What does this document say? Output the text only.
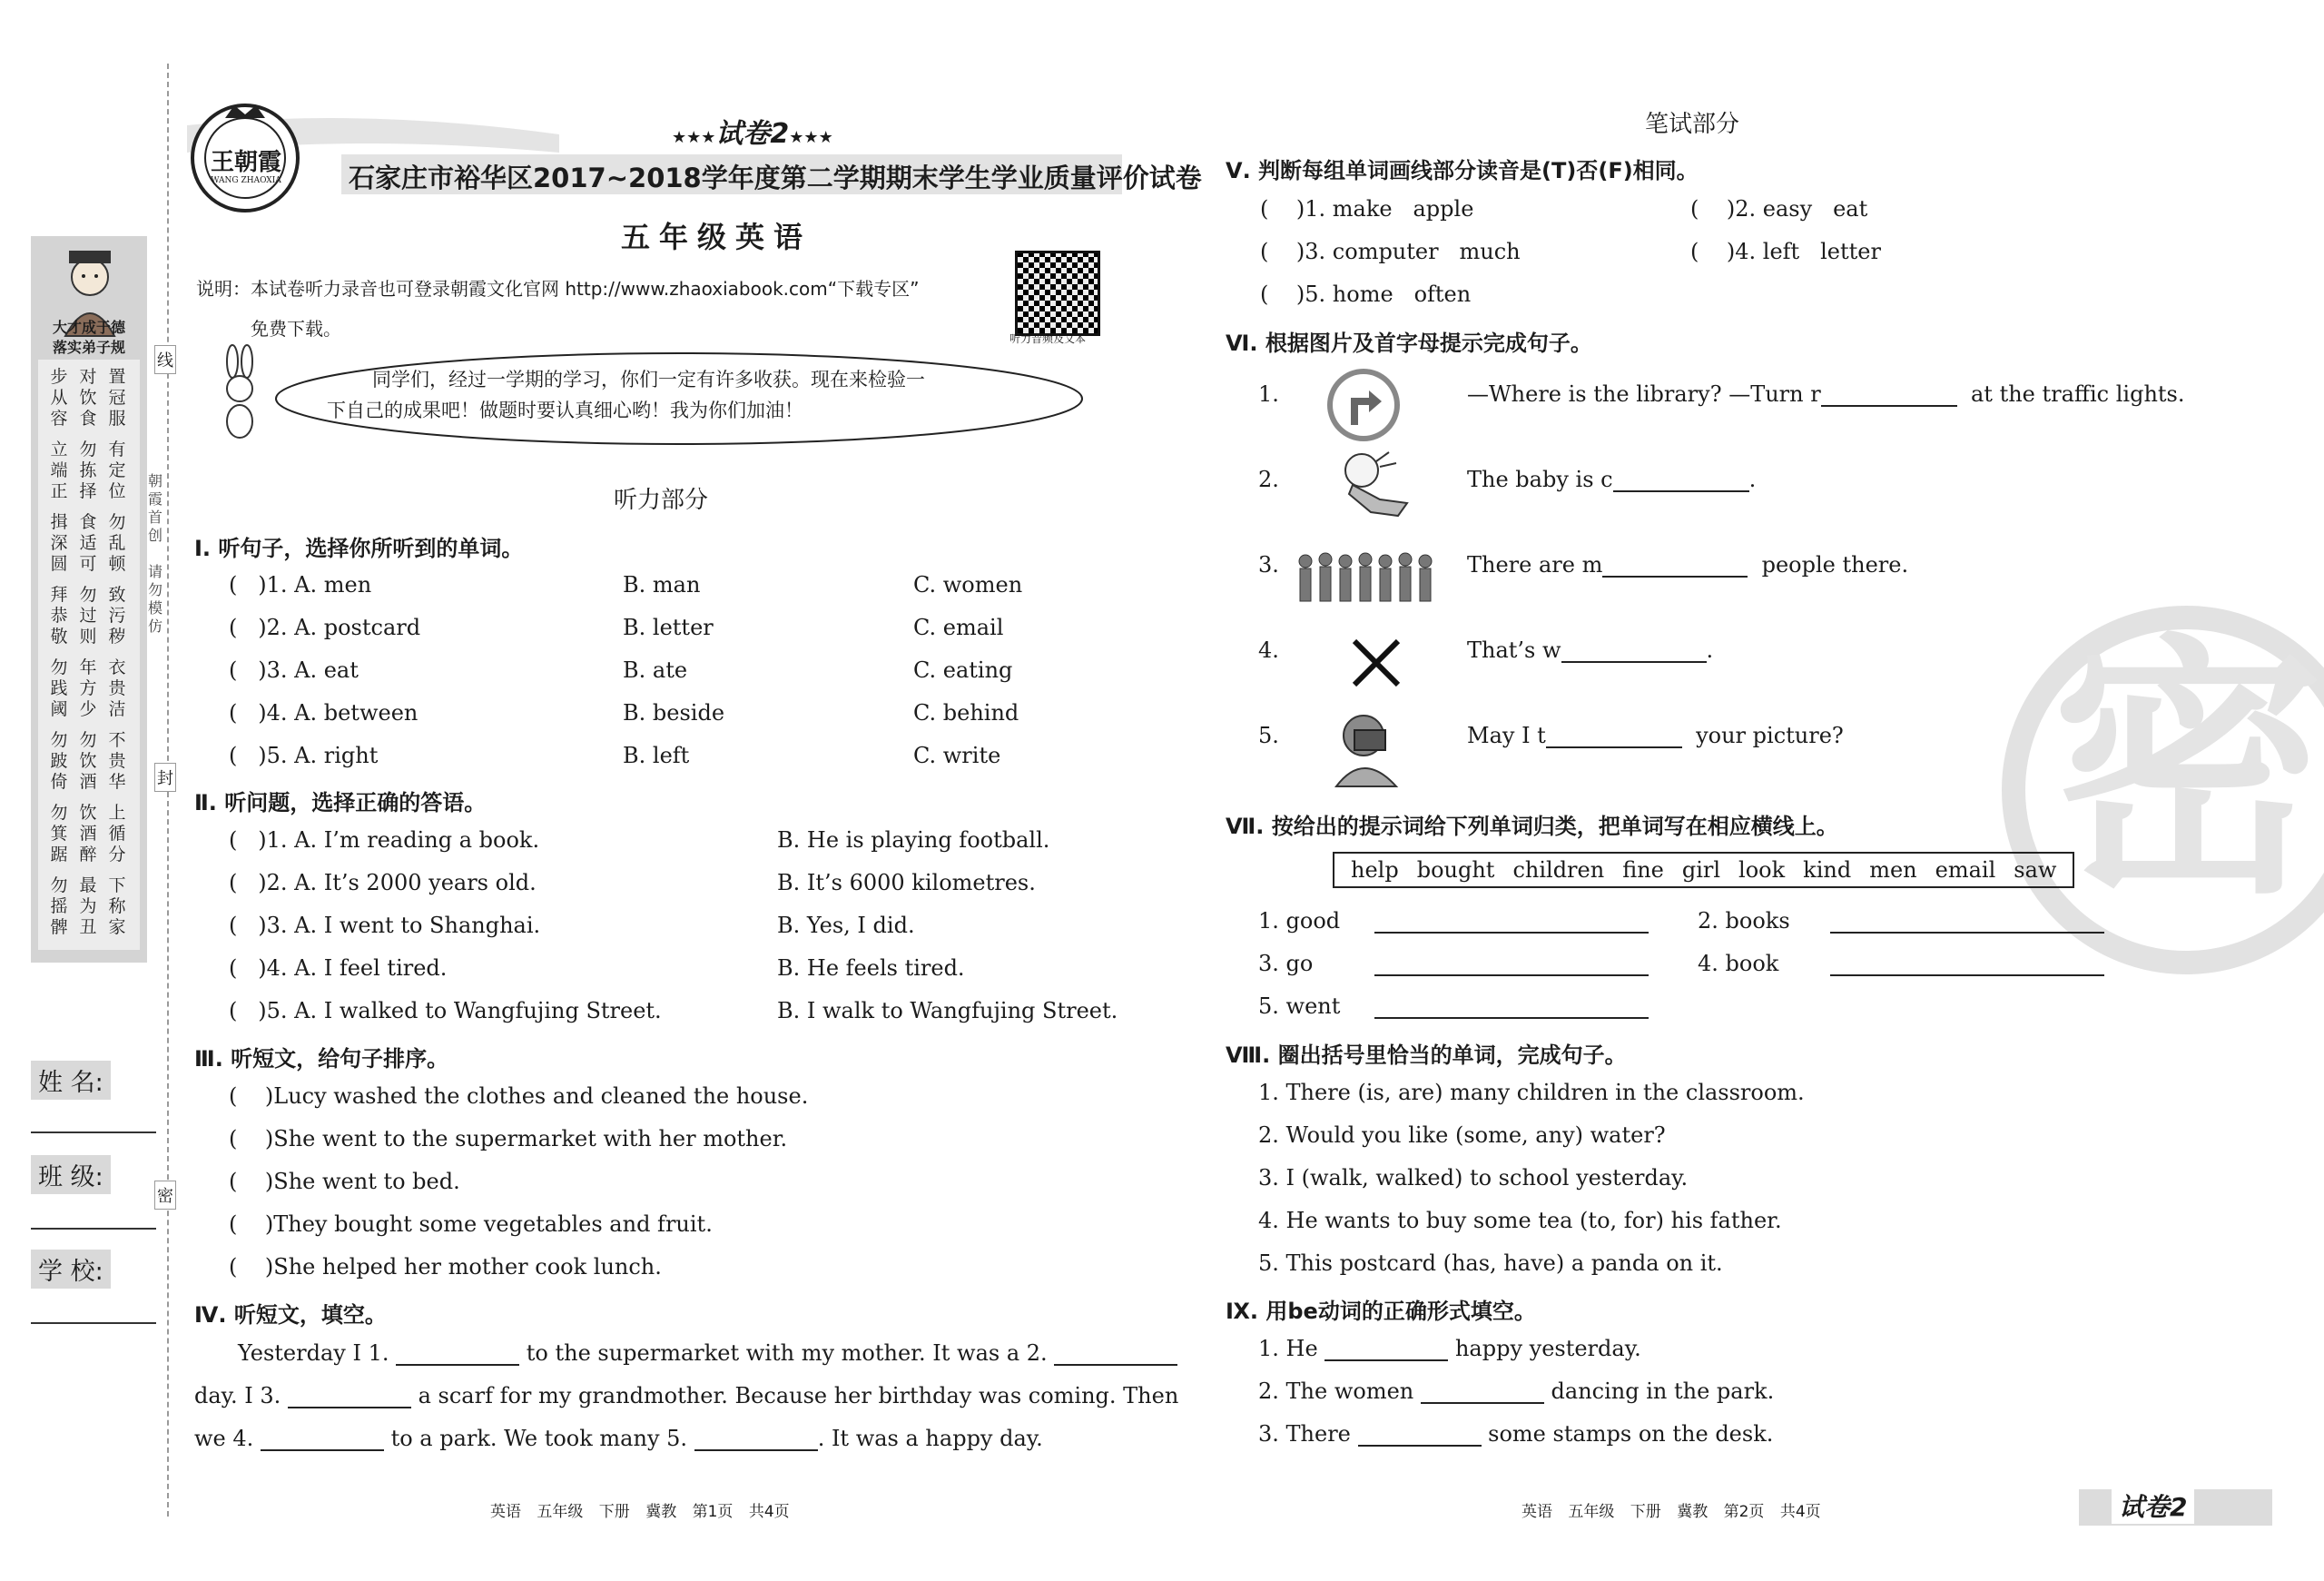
线
封
密
朝霞首创
请勿模仿
大才成于德
落实弟子规
步从容
对饮食
置冠服
立端正
勿拣择
有定位
揖深圆
食适可
勿乱顿
拜恭敬
勿过则
致污秽
勿践阈
年方少
衣贵洁
勿跛倚
勿饮酒
不贵华
勿箕踞
饮酒醉
上循分
勿摇髀
最为丑
下称家
姓 名:
班 级:
学 校:
王朝霞
WANG ZHAOXIA
★★★试卷2★★★
石家庄市裕华区2017~2018学年度第二学期期末学生学业质量评价试卷
五年级英语
说明：本试卷听力录音也可登录朝霞文化官网 http://www.zhaoxiabook.com“下载专区”
免费下载。	听力音频及文本
同学们，经过一学期的学习，你们一定有许多收获。现在来检验一
下自己的成果吧！做题时要认真细心哟！我为你们加油！
听力部分
Ⅰ. 听句子，选择你所听到的单词。
(   )1. A. men	B. man	C. women
(   )2. A. postcard	B. letter	C. email
(   )3. A. eat	B. ate	C. eating
(   )4. A. between	B. beside	C. behind
(   )5. A. right	B. left	C. write
Ⅱ. 听问题，选择正确的答语。
(   )1. A. I’m reading a book.	B. He is playing football.
(   )2. A. It’s 2000 years old.	B. It’s 6000 kilometres.
(   )3. A. I went to Shanghai.	B. Yes, I did.
(   )4. A. I feel tired.	B. He feels tired.
(   )5. A. I walked to Wangfujing Street.	B. I walk to Wangfujing Street.
Ⅲ. 听短文，给句子排序。
(    )Lucy washed the clothes and cleaned the house.
(    )She went to the supermarket with her mother.
(    )She went to bed.
(    )They bought some vegetables and fruit.
(    )She helped her mother cook lunch.
Ⅳ. 听短文，填空。
Yesterday I 1.	to the supermarket with my mother. It was a 2.
day. I 3.	a scarf for my grandmother. Because her birthday was coming. Then
we 4.	to a park. We took many 5.	. It was a happy day.
英语 五年级 下册 冀教 第1页 共4页
密
笔试部分
Ⅴ. 判断每组单词画线部分读音是(T)否(F)相同。
(    )1. make apple	(    )2. easy eat
(    )3. computer much	(    )4. left letter
(    )5. home often
Ⅵ. 根据图片及首字母提示完成句子。
1.	—Where is the library? —Turn r	at the traffic lights.
2.	The baby is c	.
3.	There are m	people there.
4.	That’s w	.
5.	May I t	your picture?
Ⅶ. 按给出的提示词给下列单词归类，把单词写在相应横线上。
help bought children fine girl look kind men email saw
1. good	2. books
3. go	4. book
5. went
Ⅷ. 圈出括号里恰当的单词，完成句子。
1. There (is, are) many children in the classroom.
2. Would you like (some, any) water?
3. I (walk, walked) to school yesterday.
4. He wants to buy some tea (to, for) his father.
5. This postcard (has, have) a panda on it.
Ⅸ. 用be动词的正确形式填空。
1. He	happy yesterday.
2. The women	dancing in the park.
3. There	some stamps on the desk.
英语 五年级 下册 冀教 第2页 共4页	试卷2
